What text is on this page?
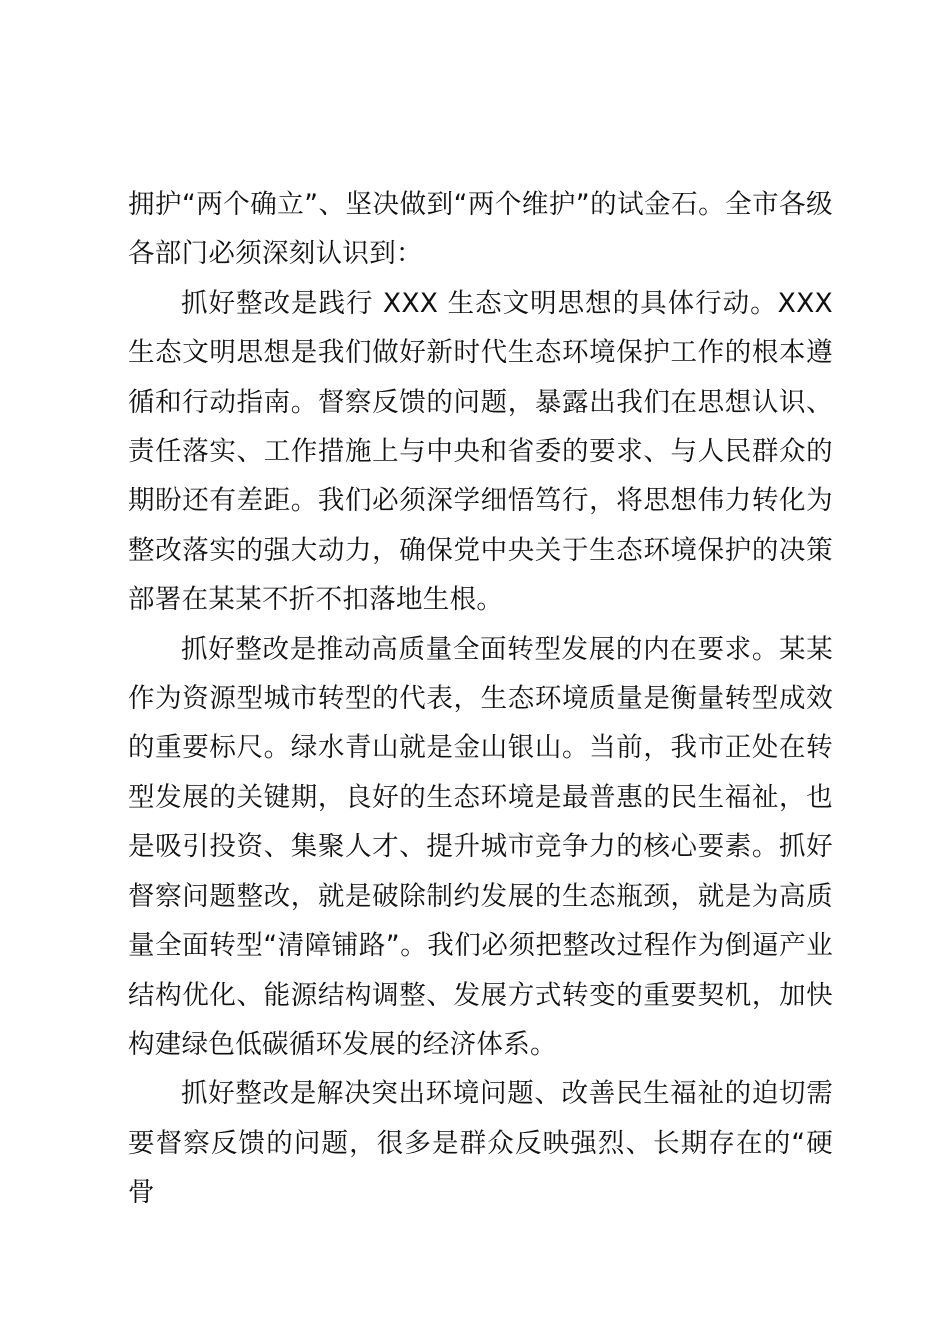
拥护“两个确立”、坚决做到“两个维护”的试金石。全市各级各部门必须深刻认识到：

抓好整改是践行 XXX 生态文明思想的具体行动。XXX 生态文明思想是我们做好新时代生态环境保护工作的根本遵循和行动指南。督察反馈的问题，暴露出我们在思想认识、责任落实、工作措施上与中央和省委的要求、与人民群众的期盼还有差距。我们必须深学细悟笃行，将思想伟力转化为整改落实的强大动力，确保党中央关于生态环境保护的决策部署在某某不折不扣落地生根。

抓好整改是推动高质量全面转型发展的内在要求。某某作为资源型城市转型的代表，生态环境质量是衡量转型成效的重要标尺。绿水青山就是金山银山。当前，我市正处在转型发展的关键期，良好的生态环境是最普惠的民生福祉，也是吸引投资、集聚人才、提升城市竞争力的核心要素。抓好督察问题整改，就是破除制约发展的生态瓶颈，就是为高质量全面转型“清障铺路”。我们必须把整改过程作为倒逼产业结构优化、能源结构调整、发展方式转变的重要契机，加快构建绿色低碳循环发展的经济体系。

抓好整改是解决突出环境问题、改善民生福祉的迫切需要督察反馈的问题，很多是群众反映强烈、长期存在的“硬骨
